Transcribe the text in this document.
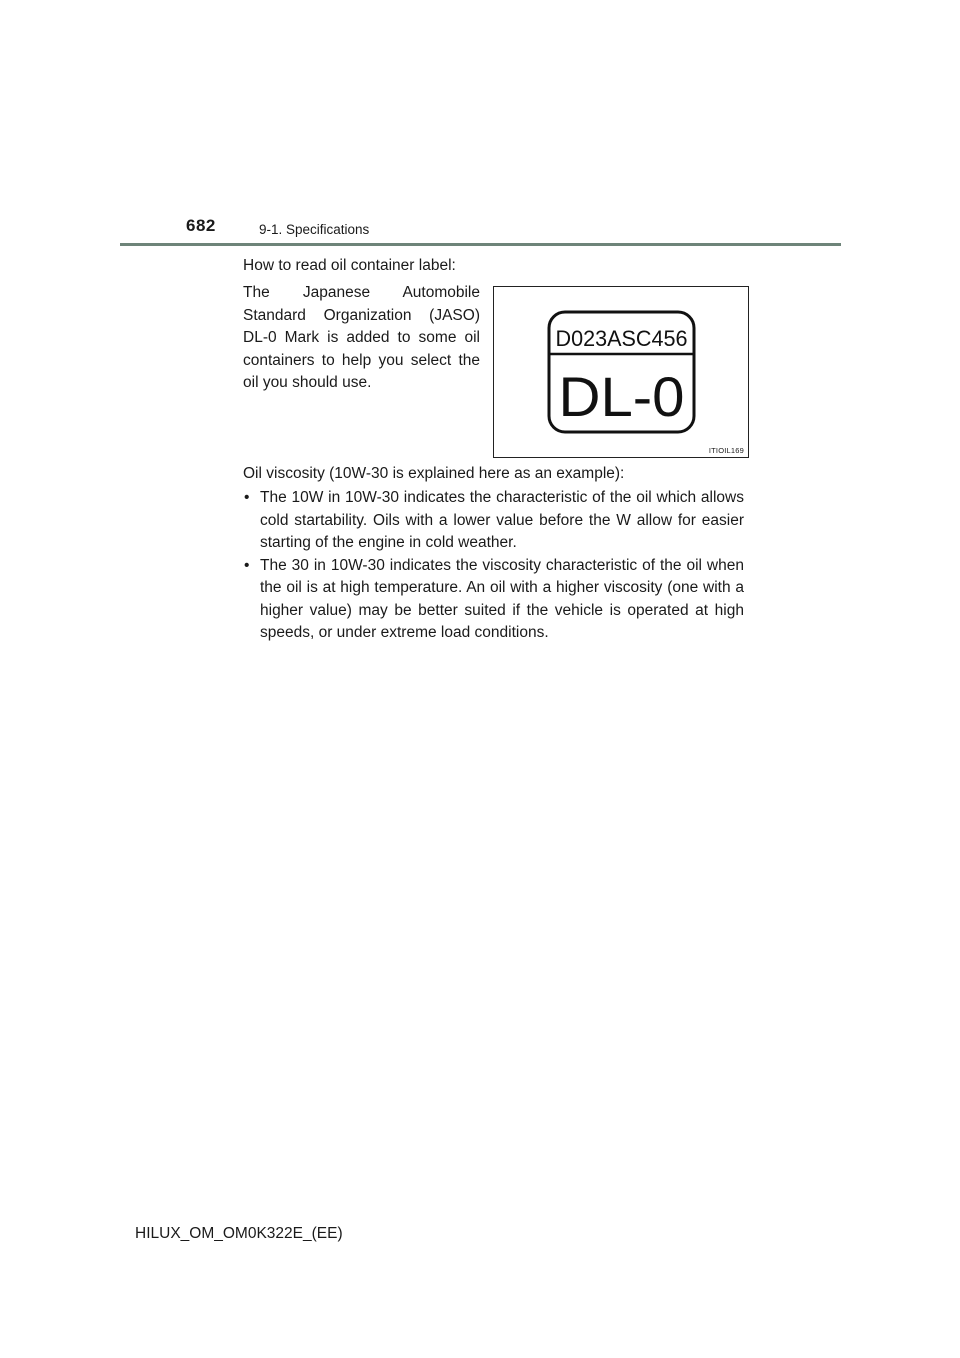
682	9-1. Specifications
How to read oil container label:

The Japanese Automobile Standard Organization (JASO) DL-0 Mark is added to some oil containers to help you select the oil you should use.

D023ASC456
DL-0
ITIOIL169
Oil viscosity (10W-30 is explained here as an example):
• The 10W in 10W-30 indicates the characteristic of the oil which allows cold startability. Oils with a lower value before the W allow for easier starting of the engine in cold weather.
• The 30 in 10W-30 indicates the viscosity characteristic of the oil when the oil is at high temperature. An oil with a higher viscosity (one with a higher value) may be better suited if the vehicle is operated at high speeds, or under extreme load conditions.
HILUX_OM_OM0K322E_(EE)
